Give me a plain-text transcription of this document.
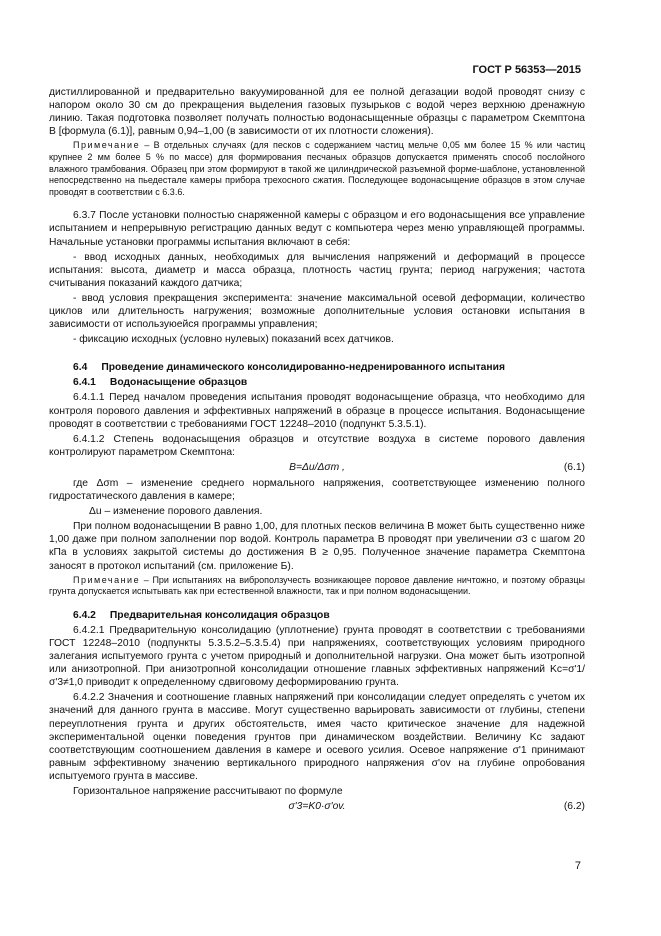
ГОСТ Р 56353—2015

дистиллированной и предварительно вакуумированной для ее полной дегазации водой проводят снизу с напором около 30 см до прекращения выделения газовых пузырьков с водой через верхнюю дренажную линию. Такая подготовка позволяет получать полностью водонасыщенные образцы с параметром Скемптона B [формула (6.1)], равным 0,94–1,00 (в зависимости от их плотности сложения).

Примечание – В отдельных случаях (для песков с содержанием частиц мельче 0,05 мм более 15 % или частиц крупнее 2 мм более 5 % по массе) для формирования песчаных образцов допускается применять способ послойного влажного трамбования. Образец при этом формируют в такой же цилиндрической разъемной форме-шаблоне, установленной непосредственно на пьедестале камеры прибора трехосного сжатия. Последующее водонасыщение образцов в этом случае проводят в соответствии с 6.3.6.

6.3.7 После установки полностью снаряженной камеры с образцом и его водонасыщения все управление испытанием и непрерывную регистрацию данных ведут с компьютера через меню управляющей программы. Начальные установки программы испытания включают в себя:

- ввод исходных данных, необходимых для вычисления напряжений и деформаций в процессе испытания: высота, диаметр и масса образца, плотность частиц грунта; период нагружения; частота считывания показаний каждого датчика;

- ввод условия прекращения эксперимента: значение максимальной осевой деформации, количество циклов или длительность нагружения; возможные дополнительные условия остановки испытания в зависимости от используюейся программы управления;

- фиксацию исходных (условно нулевых) показаний всех датчиков.

6.4 Проведение динамического консолидированно-недренированного испытания

6.4.1 Водонасыщение образцов

6.4.1.1 Перед началом проведения испытания проводят водонасыщение образца, что необходимо для контроля порового давления и эффективных напряжений в образце в процессе испытания. Водонасыщение проводят в соответствии с требованиями ГОСТ 12248–2010 (подпункт 5.3.5.1).

6.4.1.2 Степень водонасыщения образцов и отсутствие воздуха в системе порового давления контролируют параметром Скемптона:

B=Δu/Δσm ,	(6.1)

где Δσm – изменение среднего нормального напряжения, соответствующее изменению полного гидростатического давления в камере;

Δu – изменение порового давления.

При полном водонасыщении B равно 1,00, для плотных песков величина B может быть существенно ниже 1,00 даже при полном заполнении пор водой. Контроль параметра B проводят при увеличении σ3 с шагом 20 кПа в условиях закрытой системы до достижения B ≥ 0,95. Полученное значение параметра Скемптона заносят в протокол испытаний (см. приложение Б).

Примечание – При испытаниях на виброползучесть возникающее поровое давление ничтожно, и поэтому образцы грунта допускается испытывать как при естественной влажности, так и при полном водонасыщении.

6.4.2 Предварительная консолидация образцов

6.4.2.1 Предварительную консолидацию (уплотнение) грунта проводят в соответствии с требованиями ГОСТ 12248–2010 (подпункты 5.3.5.2–5.3.5.4) при напряжениях, соответствующих условиям природного залегания испытуемого грунта с учетом природный и дополнительной нагрузки. Она может быть изотропной или анизотропной. При анизотропной консолидации отношение главных эффективных напряжений Kc=σ'1/σ'3≠1,0 приводит к определенному сдвиговому деформированию грунта.

6.4.2.2 Значения и соотношение главных напряжений при консолидации следует определять с учетом их значений для данного грунта в массиве. Могут существенно варьировать зависимости от глубины, степени переуплотнения грунта и других обстоятельств, имея часто критическое значение для надежной экспериментальной оценки поведения грунтов при динамическом воздействии. Величину Kc задают соответствующим соотношением давления в камере и осевого усилия. Осевое напряжение σ'1 принимают равным эффективному значению вертикального природного напряжения σ'ov на глубине опробования испытуемого грунта в массиве.

Горизонтальное напряжение рассчитывают по формуле

σ'3=K0·σ'ov.	(6.2)
7
